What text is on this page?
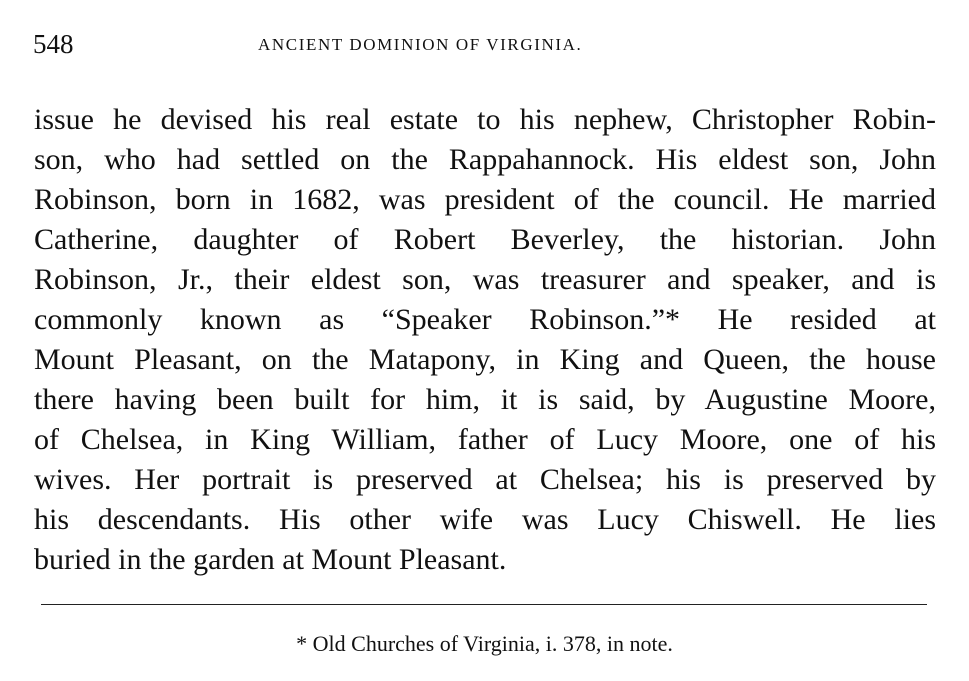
548	ANCIENT DOMINION OF VIRGINIA.
issue he devised his real estate to his nephew, Christopher Robin-
son, who had settled on the Rappahannock. His eldest son, John
Robinson, born in 1682, was president of the council. He married
Catherine, daughter of Robert Beverley, the historian. John
Robinson, Jr., their eldest son, was treasurer and speaker, and is
commonly known as “Speaker Robinson.”* He resided at
Mount Pleasant, on the Matapony, in King and Queen, the house
there having been built for him, it is said, by Augustine Moore,
of Chelsea, in King William, father of Lucy Moore, one of his
wives. Her portrait is preserved at Chelsea; his is preserved by
his descendants. His other wife was Lucy Chiswell. He lies
buried in the garden at Mount Pleasant.
* Old Churches of Virginia, i. 378, in note.
